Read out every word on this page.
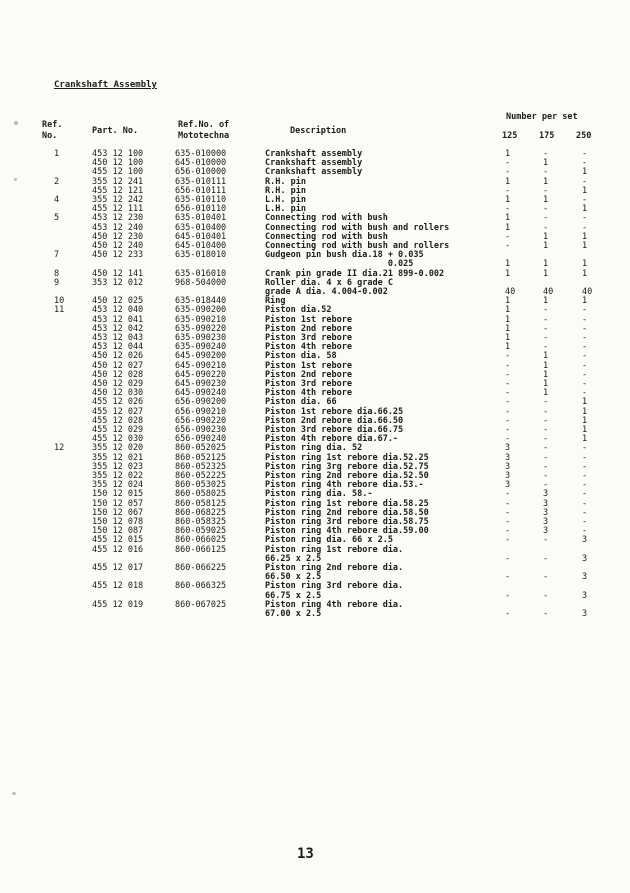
Crankshaft Assembly
Ref.
No.	Part. No.
Ref.No. of
Mototechna	Description
Number per set
125	175	250
1	453 12 100	635-010000	Crankshaft assembly	1	-	-
450 12 100	645-010000	Crankshaft assembly	-	1	-
455 12 100	656-010000	Crankshaft assembly	-	-	1
2	355 12 241	635-010111	R.H. pin	1	1	-
455 12 121	656-010111	R.H. pin	-	-	1
4	355 12 242	635-010110	L.H. pin	1	1	-
455 12 111	656-010110	L.H. pin	-	-	1
5	453 12 230	635-010401	Connecting rod with bush	1	-	-
453 12 240	635-010400	Connecting rod with bush and rollers	1	-	-
450 12 230	645-010401	Connecting rod with bush	-	1	1
450 12 240	645-010400	Connecting rod with bush and rollers	-	1	1
7	450 12 233	635-018010	Gudgeon pin bush dia.18 + 0.035
0.025	1	1	1
8	450 12 141	635-016010	Crank pin grade II dia.21 899-0.002	1	1	1
9	353 12 012	968-504000	Roller dia. 4 x 6 grade C
grade A dia. 4.004-0.002	40	40	40
10	450 12 025	635-018440	Ring	1	1	1
11	453 12 040	635-090200	Piston dia.52	1	-	-
453 12 041	635-090210	Piston 1st rebore	1	-	-
453 12 042	635-090220	Piston 2nd rebore	1	-	-
453 12 043	635-090230	Piston 3rd rebore	1	-	-
453 12 044	635-090240	Piston 4th rebore	1	-	-
450 12 026	645-090200	Piston dia. 58	-	1	-
450 12 027	645-090210	Piston 1st rebore	-	1	-
450 12 028	645-090220	Piston 2nd rebore	-	1	-
450 12 029	645-090230	Piston 3rd rebore	-	1	-
450 12 030	645-090240	Piston 4th rebore	-	1	-
455 12 026	656-090200	Piston dia. 66	-	-	1
455 12 027	656-090210	Piston 1st rebore dia.66.25	-	-	1
455 12 028	656-090220	Piston 2nd rebore dia.66.50	-	-	1
455 12 029	656-090230	Piston 3rd rebore dia.66.75	-	-	1
455 12 030	656-090240	Piston 4th rebore dia.67.-	-	-	1
12	355 12 020	860-052025	Piston ring dia. 52	3	-	-
355 12 021	860-052125	Piston ring 1st rebore dia.52.25	3	-	-
355 12 023	860-052325	Piston ring 3rg rebore dia.52.75	3	-	-
355 12 022	860-052225	Piston ring 2nd rebore dia.52.50	3	-	-
355 12 024	860-053025	Piston ring 4th rebore dia.53.-	3	-	-
150 12 015	860-058025	Piston ring dia. 58.-	-	3	-
150 12 057	860-058125	Piston ring 1st rebore dia.58.25	-	3	-
150 12 067	860-068225	Piston ring 2nd rebore dia.58.50	-	3	-
150 12 078	860-058325	Piston ring 3rd rebore dia.58.75	-	3	-
150 12 087	860-059025	Piston ring 4th rebore dia.59.00	-	3	-
455 12 015	860-066025	Piston ring dia. 66 x 2.5	-	-	3
455 12 016	860-066125	Piston ring 1st rebore dia.
66.25 x 2.5	-	-	3
455 12 017	860-066225	Piston ring 2nd rebore dia.
66.50 x 2.5	-	-	3
455 12 018	860-066325	Piston ring 3rd rebore dia.
66.75 x 2.5	-	-	3
455 12 019	860-067025	Piston ring 4th rebore dia.
67.00 x 2.5	-	-	3
13
